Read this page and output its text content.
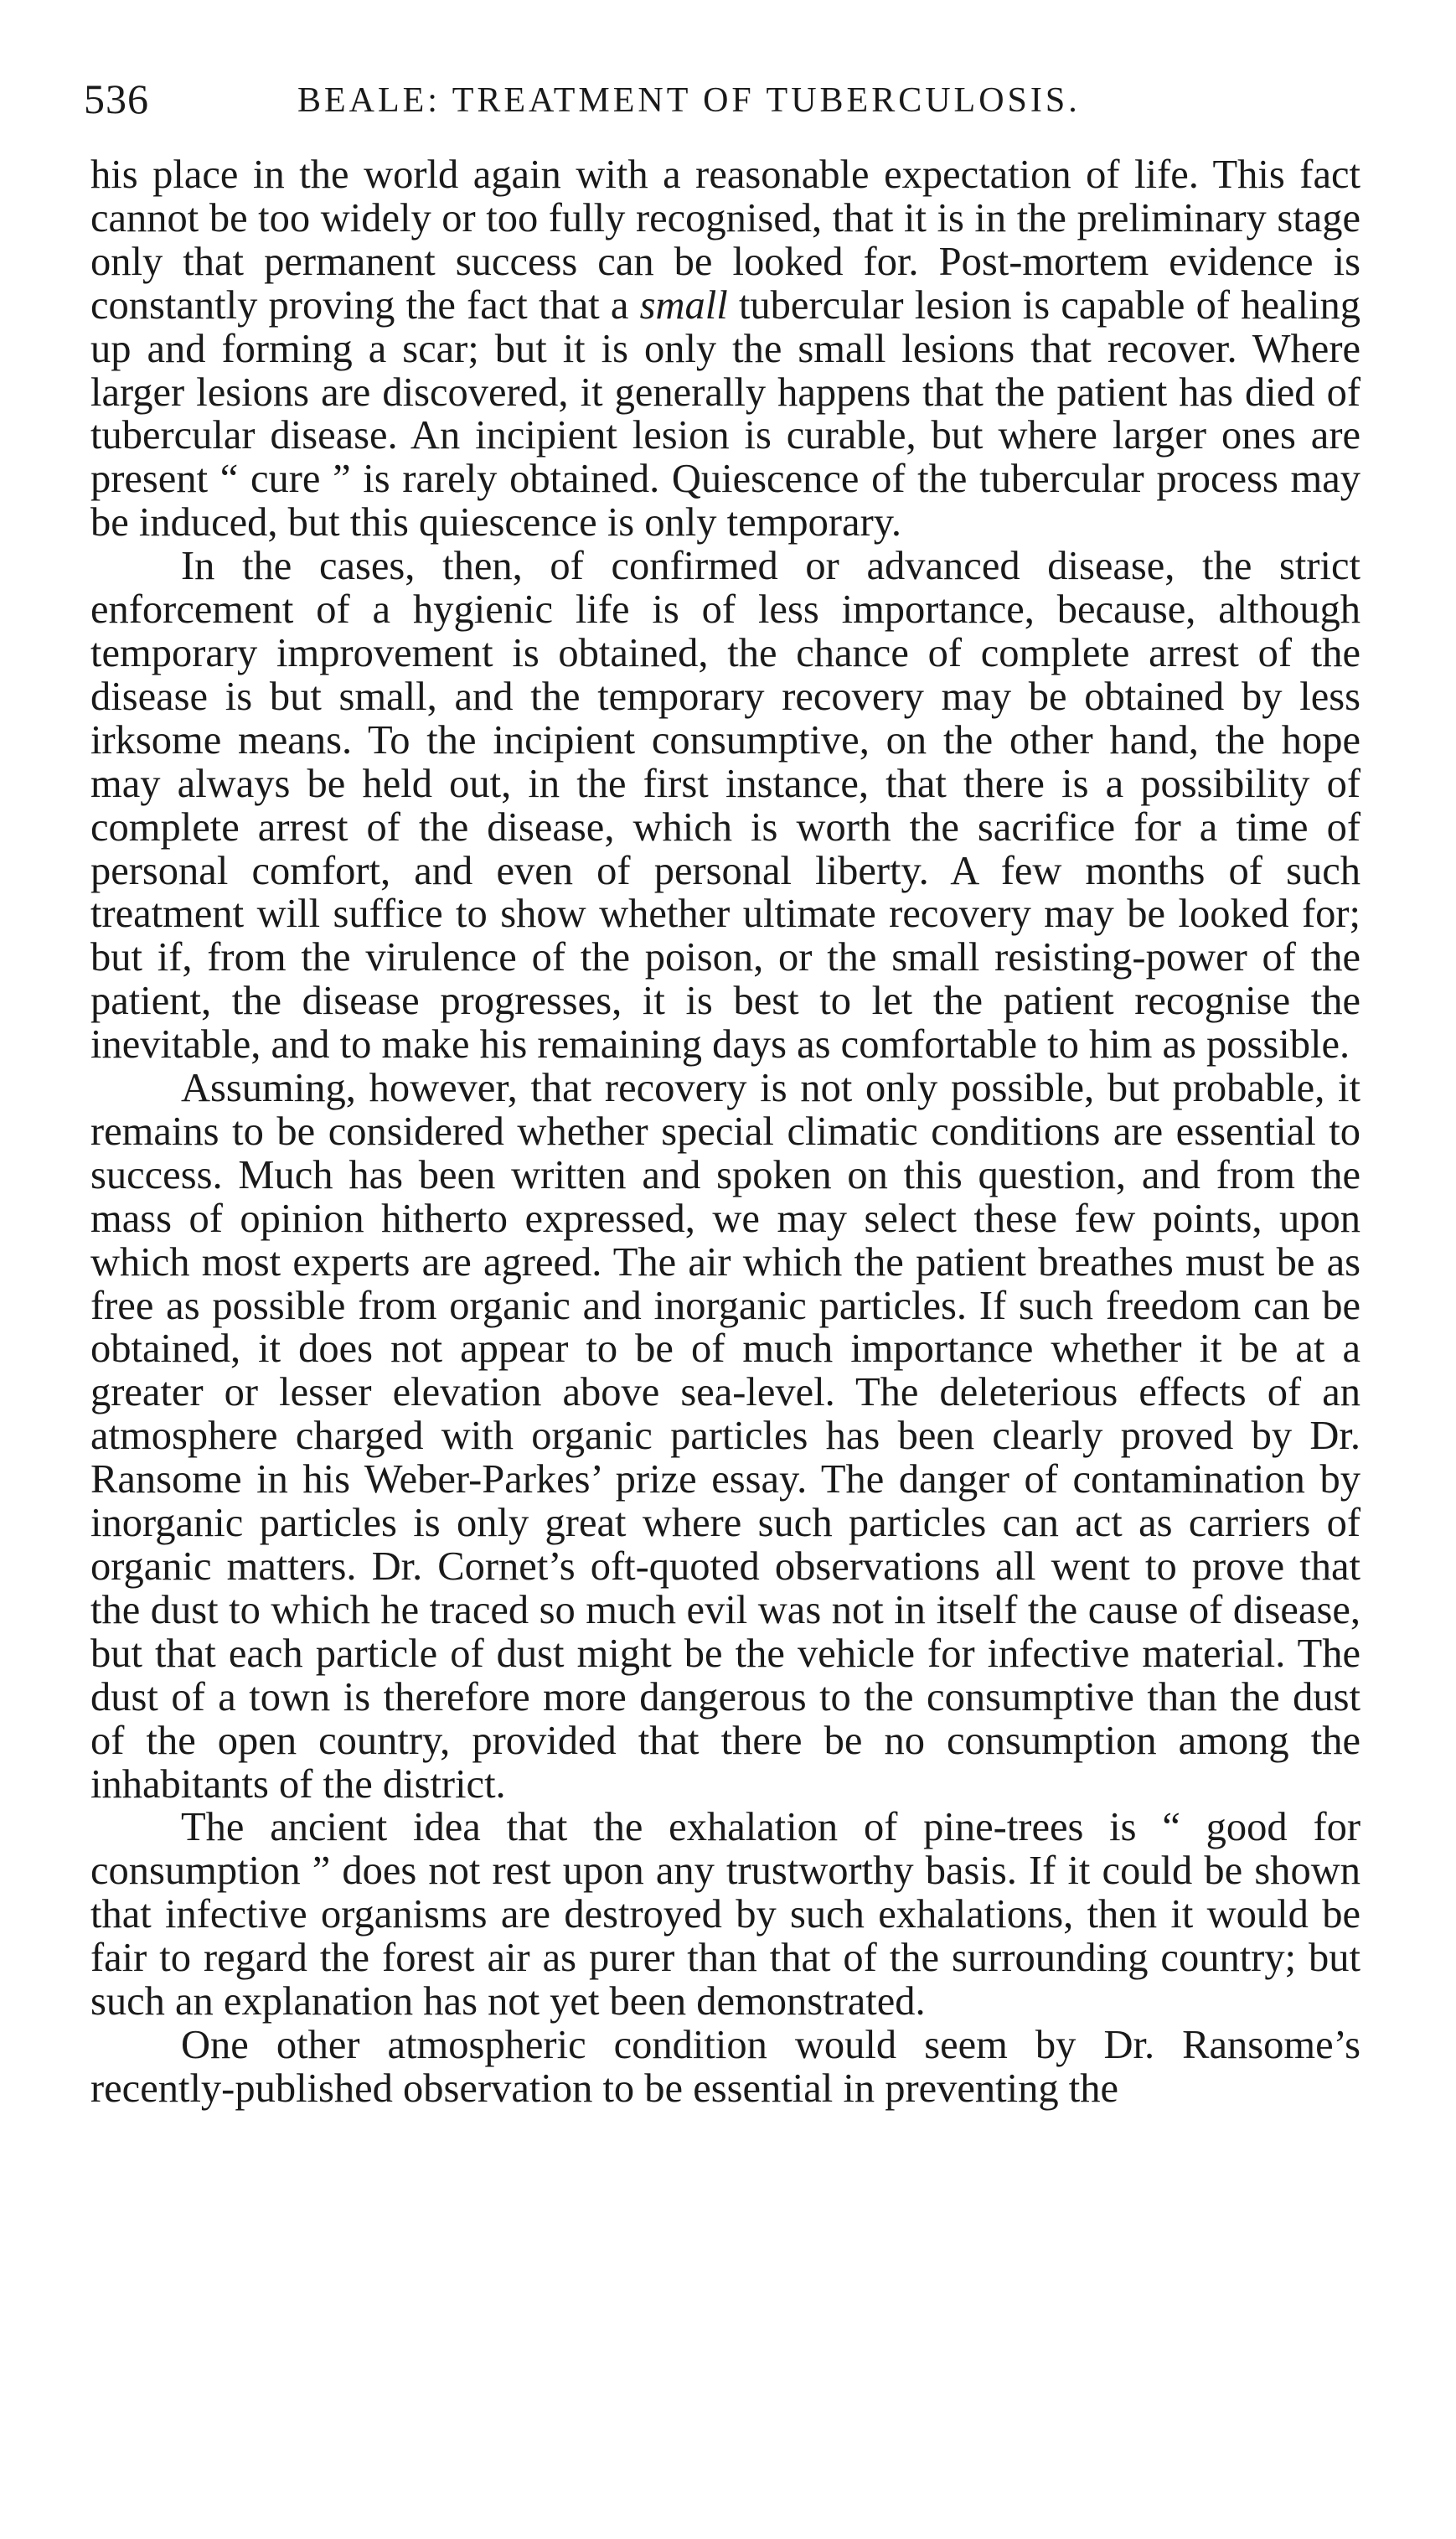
536	BEALE: TREATMENT OF TUBERCULOSIS.

his place in the world again with a reasonable expectation of life. This fact cannot be too widely or too fully recognised, that it is in the preliminary stage only that permanent success can be looked for. Post-mortem evidence is constantly proving the fact that a small tubercular lesion is capable of healing up and forming a scar; but it is only the small lesions that recover. Where larger lesions are discovered, it generally happens that the patient has died of tubercular disease. An incipient lesion is curable, but where larger ones are present “ cure ” is rarely obtained. Quiescence of the tubercular process may be induced, but this quiescence is only temporary.

In the cases, then, of confirmed or advanced disease, the strict enforcement of a hygienic life is of less importance, because, although temporary improvement is obtained, the chance of complete arrest of the disease is but small, and the temporary recovery may be obtained by less irksome means. To the incipient consumptive, on the other hand, the hope may always be held out, in the first instance, that there is a possibility of complete arrest of the disease, which is worth the sacrifice for a time of personal comfort, and even of personal liberty. A few months of such treatment will suffice to show whether ultimate recovery may be looked for; but if, from the virulence of the poison, or the small resisting-power of the patient, the disease progresses, it is best to let the patient recognise the inevitable, and to make his remaining days as comfortable to him as possible.

Assuming, however, that recovery is not only possible, but probable, it remains to be considered whether special climatic conditions are essential to success. Much has been written and spoken on this question, and from the mass of opinion hitherto expressed, we may select these few points, upon which most experts are agreed. The air which the patient breathes must be as free as possible from organic and inorganic particles. If such freedom can be obtained, it does not appear to be of much importance whether it be at a greater or lesser elevation above sea-level. The deleterious effects of an atmosphere charged with organic particles has been clearly proved by Dr. Ransome in his Weber-Parkes’ prize essay. The danger of contamination by inorganic particles is only great where such particles can act as carriers of organic matters. Dr. Cornet’s oft-quoted observations all went to prove that the dust to which he traced so much evil was not in itself the cause of disease, but that each particle of dust might be the vehicle for infective material. The dust of a town is therefore more dangerous to the consumptive than the dust of the open country, provided that there be no consumption among the inhabitants of the district.

The ancient idea that the exhalation of pine-trees is “ good for consumption ” does not rest upon any trustworthy basis. If it could be shown that infective organisms are destroyed by such exhalations, then it would be fair to regard the forest air as purer than that of the surrounding country; but such an explanation has not yet been demonstrated.

One other atmospheric condition would seem by Dr. Ransome’s recently-published observation to be essential in preventing the
